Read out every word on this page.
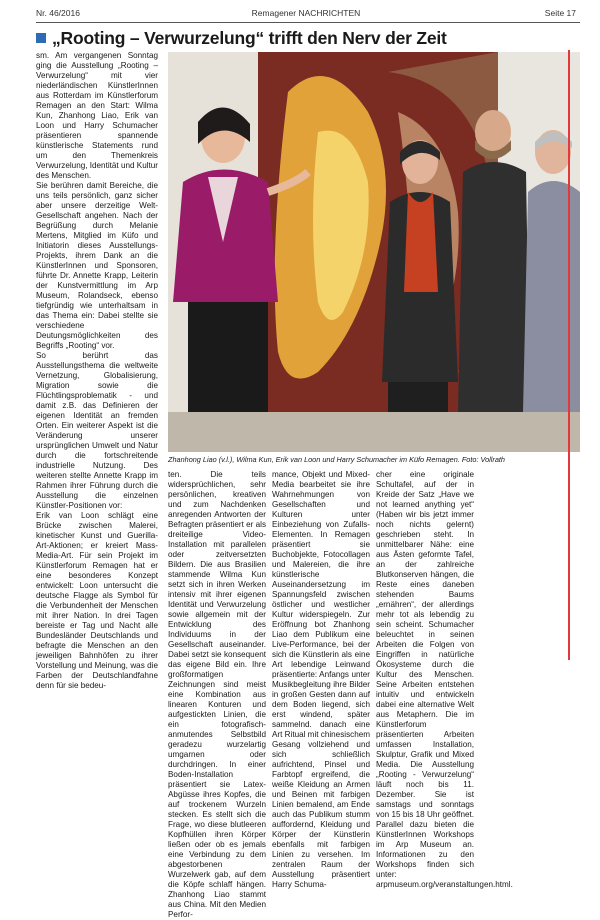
Nr. 46/2016	Remagener NACHRICHTEN	Seite 17
„Rooting – Verwurzelung“ trifft den Nerv der Zeit

sm. Am vergangenen Sonntag ging die Ausstellung „Rooting – Verwurzelung“ mit vier niederländischen KünstlerInnen aus Rotterdam im Künstlerforum Remagen an den Start: Wilma Kun, Zhanhong Liao, Erik van Loon und Harry Schumacher präsentieren spannende künstlerische Statements rund um den Themenkreis Verwurzelung, Identität und Kultur des Menschen.

Sie berühren damit Bereiche, die uns teils persönlich, ganz sicher aber unsere derzeitige Welt-Gesellschaft angehen. Nach der Begrüßung durch Melanie Mertens, Mitglied im Küfo und Initiatorin dieses Ausstellungs-Projekts, ihrem Dank an die KünstlerInnen und Sponsoren, führte Dr. Annette Krapp, Leiterin der Kunstvermittlung im Arp Museum, Rolandseck, ebenso tiefgründig wie unterhaltsam in das Thema ein: Dabei stellte sie verschiedene Deutungsmöglichkeiten des Begriffs „Rooting“ vor.

So berührt das Ausstellungsthema die weltweite Vernetzung, Globalisierung, Migration sowie die Flüchtlingsproblematik - und damit z.B. das Definieren der eigenen Identität an fremden Orten. Ein weiterer Aspekt ist die Veränderung unserer ursprünglichen Umwelt und Natur durch die fortschreitende industrielle Nutzung. Des weiteren stellte Annette Krapp im Rahmen ihrer Führung durch die Ausstellung die einzelnen Künstler-Positionen vor:

Erik van Loon schlägt eine Brücke zwischen Malerei, kinetischer Kunst und Guerilla-Art-Aktionen; er kreiert Mass-Media-Art. Für sein Projekt im Künstlerforum Remagen hat er eine besonderes Konzept entwickelt: Loon untersucht die deutsche Flagge als Symbol für die Verbundenheit der Menschen mit ihrer Nation. In drei Tagen bereiste er Tag und Nacht alle Bundesländer Deutschlands und befragte die Menschen an den jeweiligen Bahnhöfen zu ihrer Vorstellung und Meinung, was die Farben der Deutschlandfahne denn für sie bedeu-

Zhanhong Liao (v.l.), Wilma Kun, Erik van Loon und Harry Schumacher im Küfo Remagen. Foto: Vollrath
ten. Die teils widersprüchlichen, sehr persönlichen, kreativen und zum Nachdenken anregenden Antworten der Befragten präsentiert er als dreiteilige Video-Installation mit parallelen oder zeitversetzten Bildern. Die aus Brasilien stammende Wilma Kun setzt sich in ihren Werken intensiv mit ihrer eigenen Identität und Verwurzelung sowie allgemein mit der Entwicklung des Individuums in der Gesellschaft auseinander. Dabei setzt sie konsequent das eigene Bild ein. Ihre großformatigen Zeichnungen sind meist eine Kombination aus linearen Konturen und aufgestickten Linien, die ein fotografisch-anmutendes Selbstbild geradezu wurzelartig umgarnen oder durchdringen. In einer Boden-Installation präsentiert sie Latex-Abgüsse ihres Kopfes, die auf trockenem Wurzeln stecken. Es stellt sich die Frage, wo diese blutleeren Kopfhüllen ihren Körper ließen oder ob es jemals eine Verbindung zu dem abgestorbenen Wurzelwerk gab, auf dem die Köpfe schlaff hängen. Zhanhong Liao stammt aus China. Mit den Medien Perfor-
mance, Objekt und Mixed-Media bearbeitet sie ihre Wahrnehmungen von Gesellschaften und Kulturen unter Einbeziehung von Zufalls-Elementen. In Remagen präsentiert sie Buchobjekte, Fotocollagen und Malereien, die ihre künstlerische Auseinandersetzung im Spannungsfeld zwischen östlicher und westlicher Kultur widerspiegeln. Zur Eröffnung bot Zhanhong Liao dem Publikum eine Live-Performance, bei der sich die Künstlerin als eine Art lebendige Leinwand präsentierte: Anfangs unter Musikbegleitung ihre Bilder in großen Gesten dann auf dem Boden liegend, sich erst windend, später sammelnd. danach eine Art Ritual mit chinesischem Gesang vollziehend und sich schließlich aufrichtend, Pinsel und Farbtopf ergreifend, die weiße Kleidung an Armen und Beinen mit farbigen Linien bemalend, am Ende auch das Publikum stumm auffordernd, Kleidung und Körper der Künstlerin ebenfalls mit farbigen Linien zu versehen. Im zentralen Raum der Ausstellung präsentiert Harry Schuma-
cher eine originale Schultafel, auf der in Kreide der Satz „Have we not learned anything yet“ (Haben wir bis jetzt immer noch nichts gelernt) geschrieben steht. In unmittelbarer Nähe: eine aus Ästen geformte Tafel, an der zahlreiche Blutkonserven hängen, die Reste eines daneben stehenden Baums „ernähren“, der allerdings mehr tot als lebendig zu sein scheint. Schumacher beleuchtet in seinen Arbeiten die Folgen von Eingriffen in natürliche Ökosysteme durch die Kultur des Menschen. Seine Arbeiten entstehen intuitiv und entwickeln dabei eine alternative Welt aus Metaphern. Die im Künstlerforum präsentierten Arbeiten umfassen Installation, Skulptur, Grafik und Mixed Media. Die Ausstellung „Rooting - Verwurzelung“ läuft noch bis 11. Dezember. Sie ist samstags und sonntags von 15 bis 18 Uhr geöffnet. Parallel dazu bieten die KünstlerInnen Workshops im Arp Museum an. Informationen zu den Workshops finden sich unter: arpmuseum.org/veranstaltungen.html.
